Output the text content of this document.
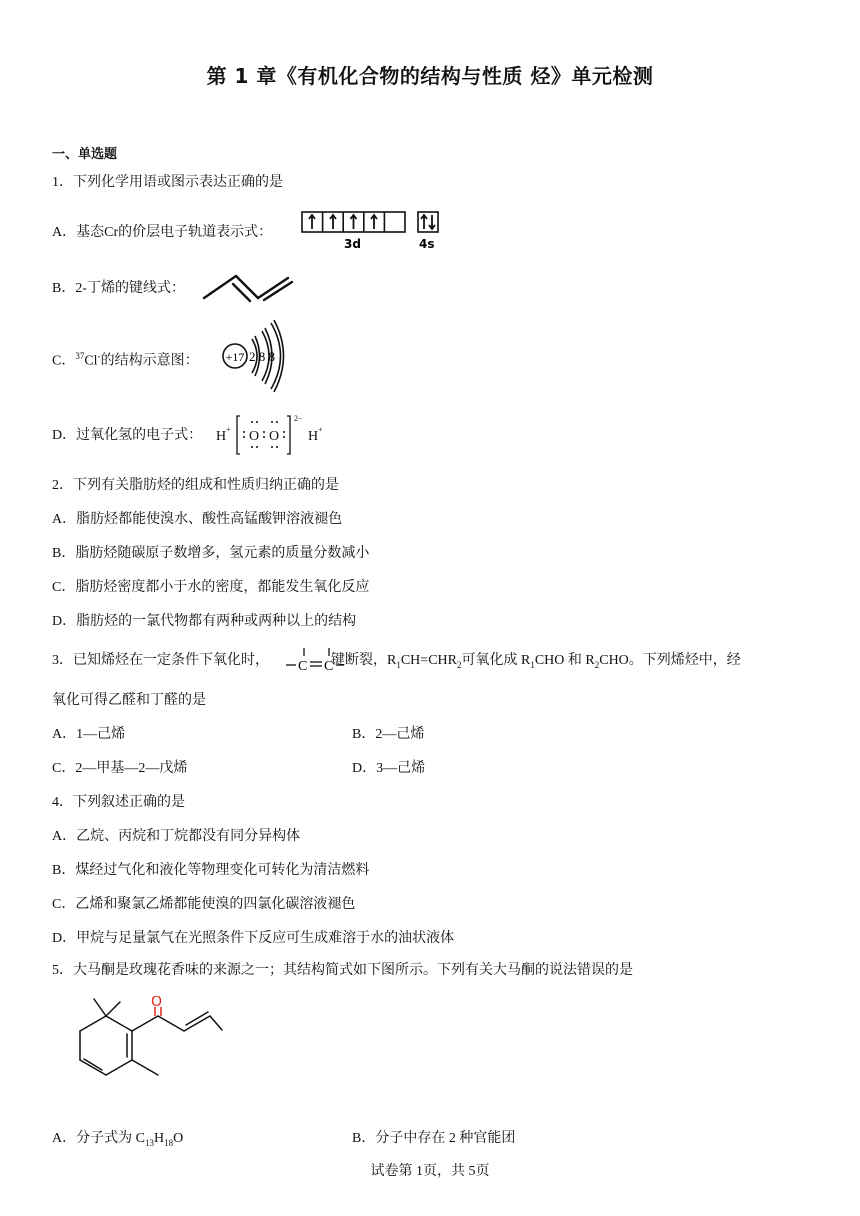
第 1 章《有机化合物的结构与性质 烃》单元检测
一、单选题
1．下列化学用语或图示表达正确的是
A．基态Cr的价层电子轨道表示式：
3d	4s
B．2-丁烯的键线式：
C．$^{37}$Cl-的结构示意图： +17 2 8 8
D．过氧化氢的电子式： H + O O
2−
H +
2．下列有关脂肪烃的组成和性质归纳正确的是
A．脂肪烃都能使溴水、酸性高锰酸钾溶液褪色
B．脂肪烃随碳原子数增多，氢元素的质量分数减小
C．脂肪烃密度都小于水的密度，都能发生氧化反应
D．脂肪烃的一氯代物都有两种或两种以上的结构
3．已知烯烃在一定条件下氧化时，	键断裂，$R_1CH=CHR_2$可氧化成 $R_1CHO$ 和 $R_2CHO$。下列烯烃中，经
C C
氧化可得乙醛和丁醛的是
A．1—己烯	B．2—己烯
C．2—甲基—2—戊烯	D．3—己烯
4．下列叙述正确的是
A．乙烷、丙烷和丁烷都没有同分异构体
B．煤经过气化和液化等物理变化可转化为清洁燃料
C．乙烯和聚氯乙烯都能使溴的四氯化碳溶液褪色
D．甲烷与足量氯气在光照条件下反应可生成难溶于水的油状液体
5．大马酮是玫瑰花香味的来源之一；其结构简式如下图所示。下列有关大马酮的说法错误的是
O
A．分子式为 $C_{13}H_{18}O$	B．分子中存在 2 种官能团
试卷第 1页，共 5页
